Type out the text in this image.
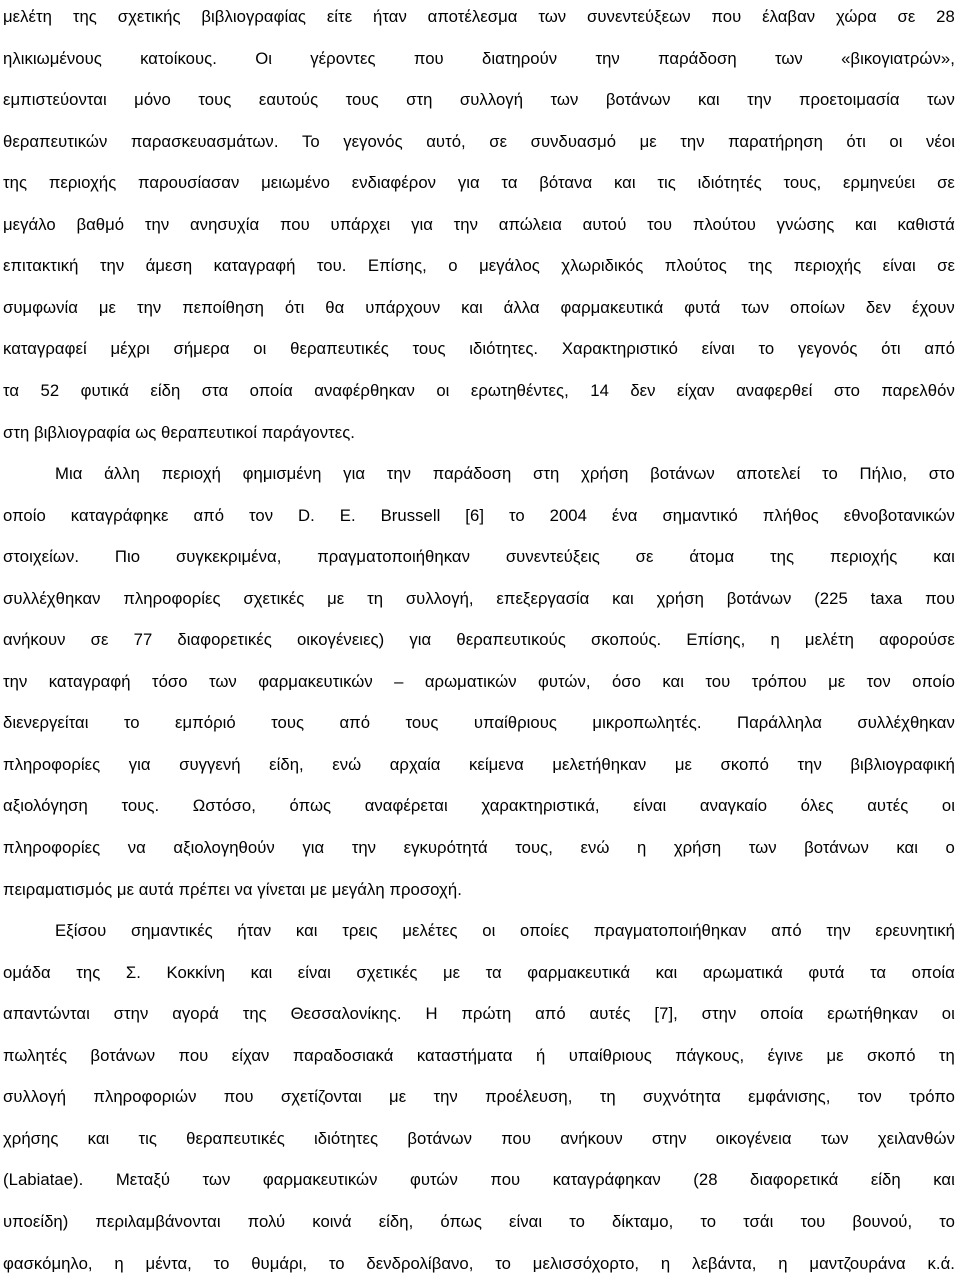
μελέτη της σχετικής βιβλιογραφίας είτε ήταν αποτέλεσμα των συνεντεύξεων που έλαβαν χώρα σε 28
ηλικιωμένους κατοίκους. Οι γέροντες που διατηρούν την παράδοση των «βικογιατρών»,
εμπιστεύονται μόνο τους εαυτούς τους στη συλλογή των βοτάνων και την προετοιμασία των
θεραπευτικών παρασκευασμάτων. Το γεγονός αυτό, σε συνδυασμό με την παρατήρηση ότι οι νέοι
της περιοχής παρουσίασαν μειωμένο ενδιαφέρον για τα βότανα και τις ιδιότητές τους, ερμηνεύει σε
μεγάλο βαθμό την ανησυχία που υπάρχει για την απώλεια αυτού του πλούτου γνώσης και καθιστά
επιτακτική την άμεση καταγραφή του. Επίσης, ο μεγάλος χλωριδικός πλούτος της περιοχής είναι σε
συμφωνία με την πεποίθηση ότι θα υπάρχουν και άλλα φαρμακευτικά φυτά των οποίων δεν έχουν
καταγραφεί μέχρι σήμερα οι θεραπευτικές τους ιδιότητες. Χαρακτηριστικό είναι το γεγονός ότι από
τα 52 φυτικά είδη στα οποία αναφέρθηκαν οι ερωτηθέντες, 14 δεν είχαν αναφερθεί στο παρελθόν
στη βιβλιογραφία ως θεραπευτικοί παράγοντες.
Μια άλλη περιοχή φημισμένη για την παράδοση στη χρήση βοτάνων αποτελεί το Πήλιο, στο
οποίο καταγράφηκε από τον D. E. Brussell [6] το 2004 ένα σημαντικό πλήθος εθνοβοτανικών
στοιχείων. Πιο συγκεκριμένα, πραγματοποιήθηκαν συνεντεύξεις σε άτομα της περιοχής και
συλλέχθηκαν πληροφορίες σχετικές με τη συλλογή, επεξεργασία και χρήση βοτάνων (225 taxa που
ανήκουν σε 77 διαφορετικές οικογένειες) για θεραπευτικούς σκοπούς. Επίσης, η μελέτη αφορούσε
την καταγραφή τόσο των φαρμακευτικών – αρωματικών φυτών, όσο και του τρόπου με τον οποίο
διενεργείται το εμπόριό τους από τους υπαίθριους μικροπωλητές. Παράλληλα συλλέχθηκαν
πληροφορίες για συγγενή είδη, ενώ αρχαία κείμενα μελετήθηκαν με σκοπό την βιβλιογραφική
αξιολόγηση τους. Ωστόσο, όπως αναφέρεται χαρακτηριστικά, είναι αναγκαίο όλες αυτές οι
πληροφορίες να αξιολογηθούν για την εγκυρότητά τους, ενώ η χρήση των βοτάνων και ο
πειραματισμός με αυτά πρέπει να γίνεται με μεγάλη προσοχή.
Εξίσου σημαντικές ήταν και τρεις μελέτες οι οποίες πραγματοποιήθηκαν από την ερευνητική
ομάδα της Σ. Κοκκίνη και είναι σχετικές με τα φαρμακευτικά και αρωματικά φυτά τα οποία
απαντώνται στην αγορά της Θεσσαλονίκης. Η πρώτη από αυτές [7], στην οποία ερωτήθηκαν οι
πωλητές βοτάνων που είχαν παραδοσιακά καταστήματα ή υπαίθριους πάγκους, έγινε με σκοπό τη
συλλογή πληροφοριών που σχετίζονται με την προέλευση, τη συχνότητα εμφάνισης, τον τρόπο
χρήσης και τις θεραπευτικές ιδιότητες βοτάνων που ανήκουν στην οικογένεια των χειλανθών
(Labiatae). Μεταξύ των φαρμακευτικών φυτών που καταγράφηκαν (28 διαφορετικά είδη και
υποείδη) περιλαμβάνονται πολύ κοινά είδη, όπως είναι το δίκταμο, το τσάι του βουνού, το
φασκόμηλο, η μέντα, το θυμάρι, το δενδρολίβανο, το μελισσόχορτο, η λεβάντα, η μαντζουράνα κ.ά.
